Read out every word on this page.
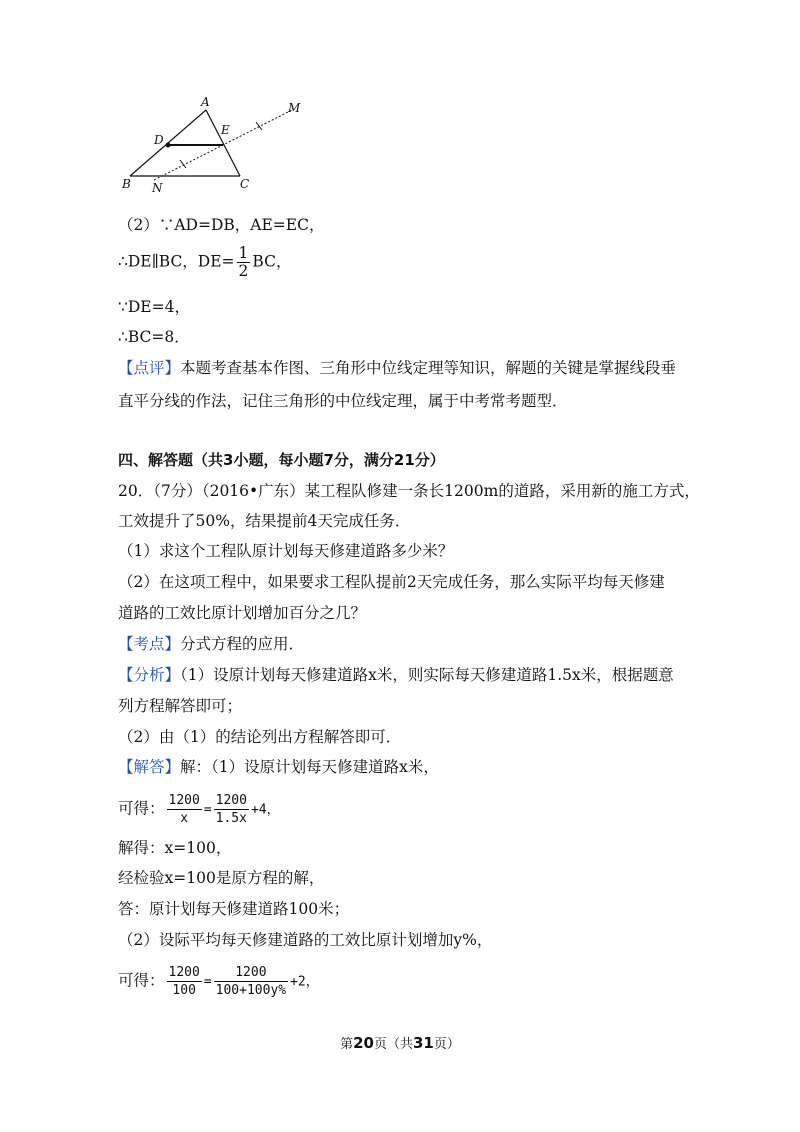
A
D
E
M
B N	C
（2）∵AD=DB，AE=EC，
∴DE∥BC，$DE= \frac{1}{2}$ BC，
∵DE=4，
∴BC=8．
【点评】本题考查基本作图、三角形中位线定理等知识，解题的关键是掌握线段垂
直平分线的作法，记住三角形的中位线定理，属于中考常考题型．
四、解答题（共3小题，每小题7分，满分21分）
20．（7分）（2016•广东）某工程队修建一条长1200m的道路，采用新的施工方式，
工效提升了50%，结果提前4天完成任务．
（1）求这个工程队原计划每天修建道路多少米？
（2）在这项工程中，如果要求工程队提前2天完成任务，那么实际平均每天修建
道路的工效比原计划增加百分之几？
【考点】分式方程的应用．
【分析】（1）设原计划每天修建道路x米，则实际每天修建道路1.5x米，根据题意
列方程解答即可；
（2）由（1）的结论列出方程解答即可．
【解答】解：（1）设原计划每天修建道路x米，
可得： $\frac{1200}{x} = \frac{1200}{1.5x} +4$，
解得：x=100，
经检验x=100是原方程的解，
答：原计划每天修建道路100米；
（2）设际平均每天修建道路的工效比原计划增加y%，
可得： $\frac{1200}{100} = \frac{1200}{100+100y\%} +2$，
第20页（共31页）
